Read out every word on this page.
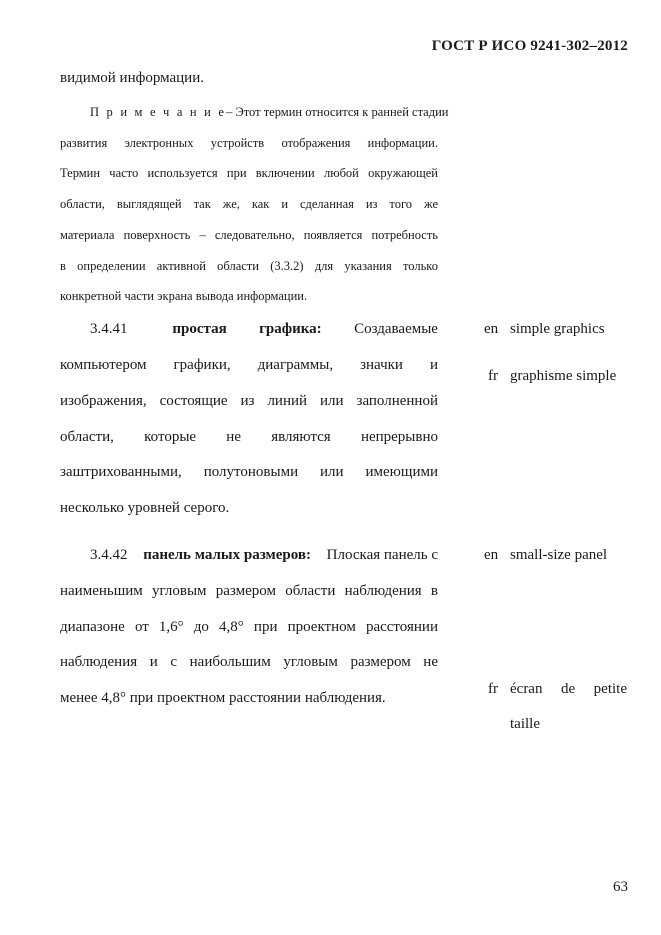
ГОСТ Р ИСО 9241-302–2012
видимой информации.
П р и м е ч а н и е – Этот термин относится к ранней стадии
развития электронных устройств отображения информации.
Термин часто используется при включении любой окружающей
области, выглядящей так же, как и сделанная из того же
материала поверхность – следовательно, появляется потребность
в определении активной области (3.3.2) для указания только
конкретной части экрана вывода информации.
3.4.41	простая графика: Создаваемые
компьютером графики, диаграммы, значки и
изображения, состоящие из линий или заполненной
области, которые не являются непрерывно
заштрихованными, полутоновыми или имеющими
несколько уровней серого.
en simple graphics
fr graphisme simple
3.4.42 панель малых размеров: Плоская панель с
наименьшим угловым размером области наблюдения в
диапазоне от 1,6° до 4,8° при проектном расстоянии
наблюдения и с наибольшим угловым размером не
менее 4,8° при проектном расстоянии наблюдения.
en small-size panel
fr écran de petite
taille
63
